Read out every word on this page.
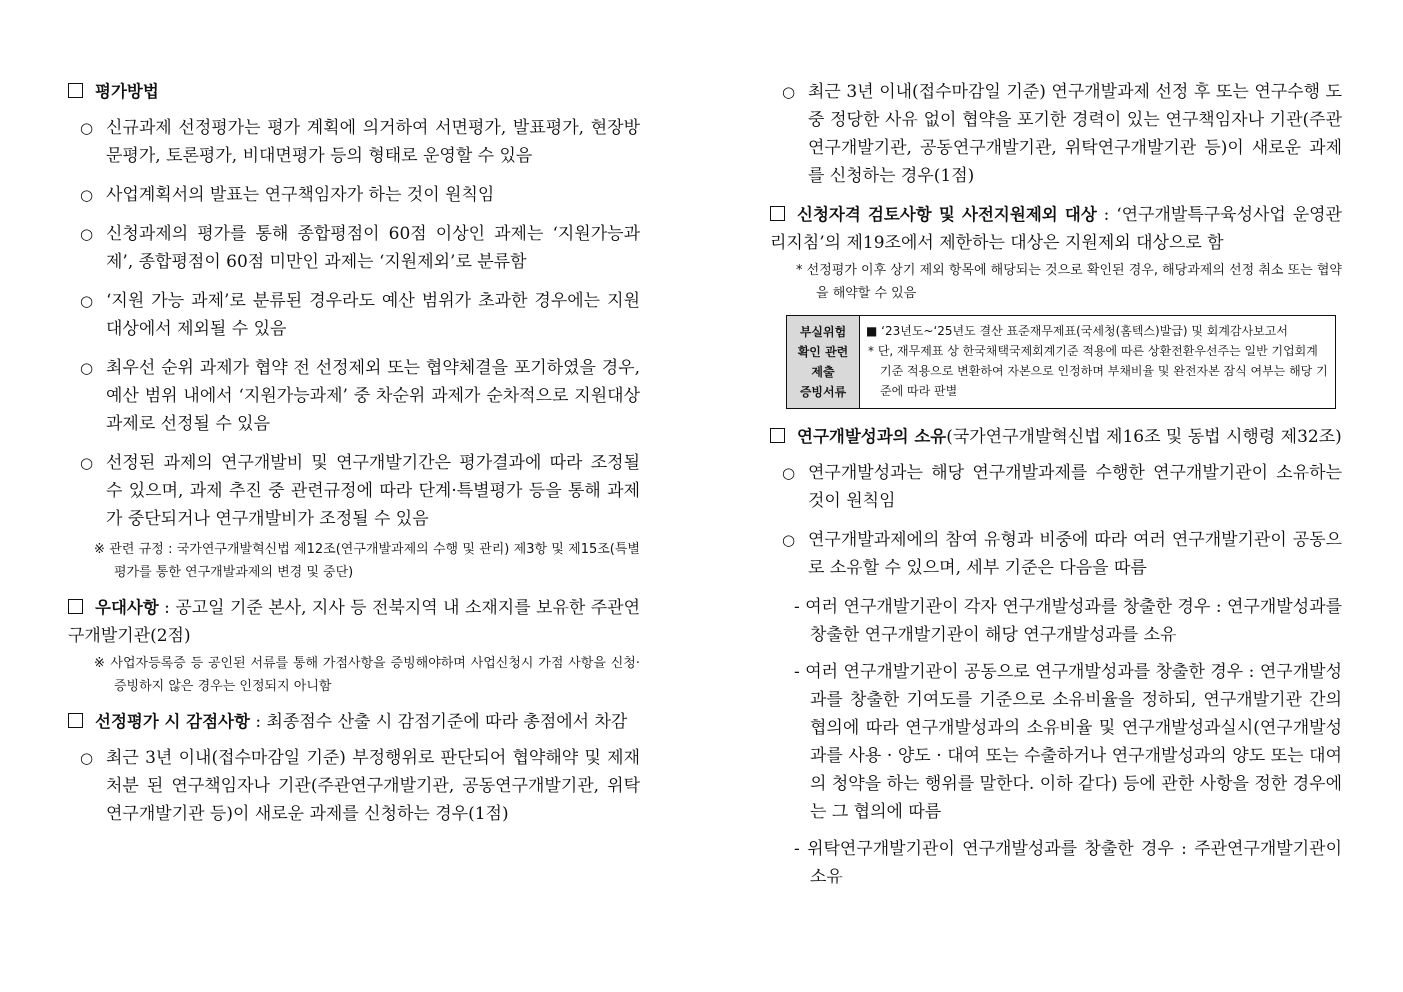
평가방법
○ 신규과제 선정평가는 평가 계획에 의거하여 서면평가, 발표평가, 현장방문평가, 토론평가, 비대면평가 등의 형태로 운영할 수 있음
○ 사업계획서의 발표는 연구책임자가 하는 것이 원칙임
○ 신청과제의 평가를 통해 종합평점이 60점 이상인 과제는 ‘지원가능과제’, 종합평점이 60점 미만인 과제는 ‘지원제외’로 분류함
○ ‘지원 가능 과제’로 분류된 경우라도 예산 범위가 초과한 경우에는 지원 대상에서 제외될 수 있음
○ 최우선 순위 과제가 협약 전 선정제외 또는 협약체결을 포기하였을 경우, 예산 범위 내에서 ‘지원가능과제’ 중 차순위 과제가 순차적으로 지원대상과제로 선정될 수 있음
○ 선정된 과제의 연구개발비 및 연구개발기간은 평가결과에 따라 조정될 수 있으며, 과제 추진 중 관련규정에 따라 단계·특별평가 등을 통해 과제가 중단되거나 연구개발비가 조정될 수 있음
※ 관련 규정 : 국가연구개발혁신법 제12조(연구개발과제의 수행 및 관리) 제3항 및 제15조(특별평가를 통한 연구개발과제의 변경 및 중단)
우대사항 : 공고일 기준 본사, 지사 등 전북지역 내 소재지를 보유한 주관연구개발기관(2점)
※ 사업자등록증 등 공인된 서류를 통해 가점사항을 증빙해야하며 사업신청시 가점 사항을 신청·증빙하지 않은 경우는 인정되지 아니함
선정평가 시 감점사항 : 최종점수 산출 시 감점기준에 따라 총점에서 차감
○ 최근 3년 이내(접수마감일 기준) 부정행위로 판단되어 협약해약 및 제재처분 된 연구책임자나 기관(주관연구개발기관, 공동연구개발기관, 위탁연구개발기관 등)이 새로운 과제를 신청하는 경우(1점)
○ 최근 3년 이내(접수마감일 기준) 연구개발과제 선정 후 또는 연구수행 도중 정당한 사유 없이 협약을 포기한 경력이 있는 연구책임자나 기관(주관연구개발기관, 공동연구개발기관, 위탁연구개발기관 등)이 새로운 과제를 신청하는 경우(1점)
신청자격 검토사항 및 사전지원제외 대상 : ‘연구개발특구육성사업 운영관리지침’의 제19조에서 제한하는 대상은 지원제외 대상으로 함
* 선정평가 이후 상기 제외 항목에 해당되는 것으로 확인된 경우, 해당과제의 선정 취소 또는 협약을 해약할 수 있음
부실위험
확인 관련
제출
증빙서류
■ ‘23년도~‘25년도 결산 표준재무제표(국세청(홈텍스)발급) 및 회계감사보고서
* 단, 재무제표 상 한국채택국제회계기준 적용에 따른 상환전환우선주는 일반 기업회계기준 적용으로 변환하여 자본으로 인정하며 부채비율 및 완전자본 잠식 여부는 해당 기준에 따라 판별
연구개발성과의 소유(국가연구개발혁신법 제16조 및 동법 시행령 제32조)
○ 연구개발성과는 해당 연구개발과제를 수행한 연구개발기관이 소유하는 것이 원칙임
○ 연구개발과제에의 참여 유형과 비중에 따라 여러 연구개발기관이 공동으로 소유할 수 있으며, 세부 기준은 다음을 따름
- 여러 연구개발기관이 각자 연구개발성과를 창출한 경우 : 연구개발성과를 창출한 연구개발기관이 해당 연구개발성과를 소유
- 여러 연구개발기관이 공동으로 연구개발성과를 창출한 경우 : 연구개발성과를 창출한 기여도를 기준으로 소유비율을 정하되, 연구개발기관 간의 협의에 따라 연구개발성과의 소유비율 및 연구개발성과실시(연구개발성과를 사용 · 양도 · 대여 또는 수출하거나 연구개발성과의 양도 또는 대여의 청약을 하는 행위를 말한다. 이하 같다) 등에 관한 사항을 정한 경우에는 그 협의에 따름
- 위탁연구개발기관이 연구개발성과를 창출한 경우 : 주관연구개발기관이 소유
